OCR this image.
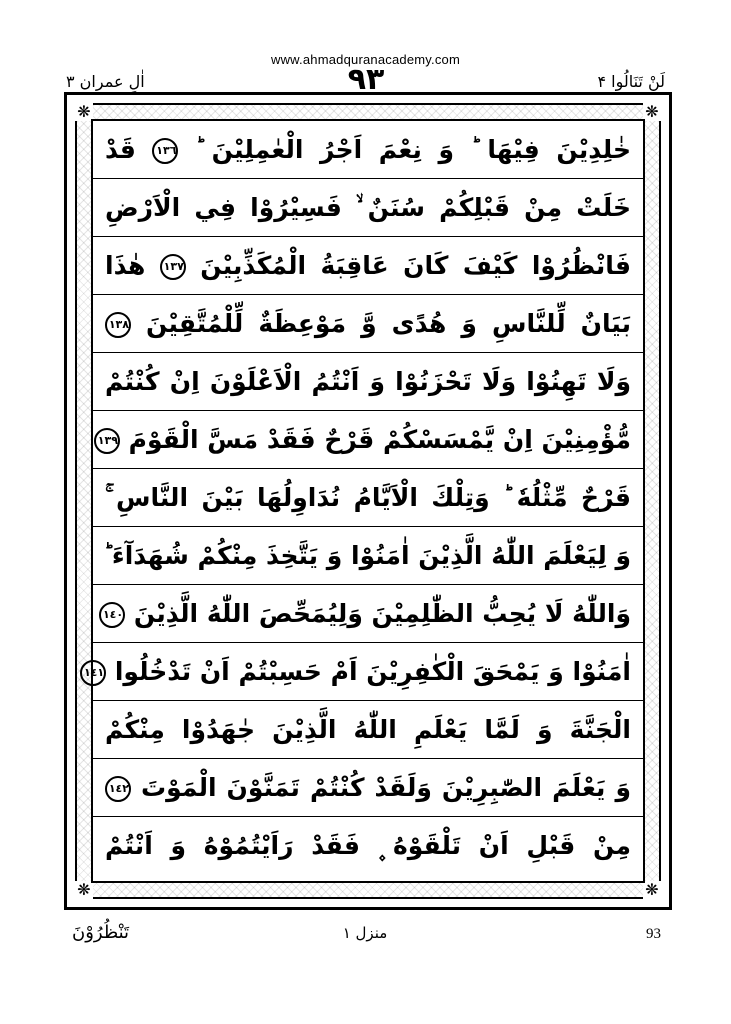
www.ahmadquranacademy.com
اٰلِ عمران ۳	۹۳	لَنْ تَنَالُوا ۴
❋	❋
❋	❋
خٰلِدِيْنَ فِيْهَا ؕ وَ نِعْمَ اَجْرُ الْعٰمِلِيْنَ ؕ ١٣٦ قَدْ
خَلَتْ مِنْ قَبْلِكُمْ سُنَنٌ ۙ فَسِيْرُوْا فِي الْاَرْضِ
فَانْظُرُوْا كَيْفَ كَانَ عَاقِبَةُ الْمُكَذِّبِيْنَ ١٣٧ هٰذَا
بَيَانٌ لِّلنَّاسِ وَ هُدًى وَّ مَوْعِظَةٌ لِّلْمُتَّقِيْنَ ١٣٨
وَلَا تَهِنُوْا وَلَا تَحْزَنُوْا وَ اَنْتُمُ الْاَعْلَوْنَ اِنْ كُنْتُمْ
مُّؤْمِنِيْنَ اِنْ يَّمْسَسْكُمْ قَرْحٌ فَقَدْ مَسَّ الْقَوْمَ ١٣٩
قَرْحٌ مِّثْلُهٗ ؕ وَتِلْكَ الْاَيَّامُ نُدَاوِلُهَا بَيْنَ النَّاسِ ۚ
وَ لِيَعْلَمَ اللّٰهُ الَّذِيْنَ اٰمَنُوْا وَ يَتَّخِذَ مِنْكُمْ شُهَدَآءَ ؕ
وَاللّٰهُ لَا يُحِبُّ الظّٰلِمِيْنَ وَلِيُمَحِّصَ اللّٰهُ الَّذِيْنَ ١٤٠
اٰمَنُوْا وَ يَمْحَقَ الْكٰفِرِيْنَ اَمْ حَسِبْتُمْ اَنْ تَدْخُلُوا ١٤١
الْجَنَّةَ وَ لَمَّا يَعْلَمِ اللّٰهُ الَّذِيْنَ جٰهَدُوْا مِنْكُمْ
وَ يَعْلَمَ الصّٰبِرِيْنَ وَلَقَدْ كُنْتُمْ تَمَنَّوْنَ الْمَوْتَ ١٤٢
مِنْ قَبْلِ اَنْ تَلْقَوْهُ ۪ فَقَدْ رَاَيْتُمُوْهُ وَ اَنْتُمْ
تَنْظُرُوْنَ	منزل ۱	93
